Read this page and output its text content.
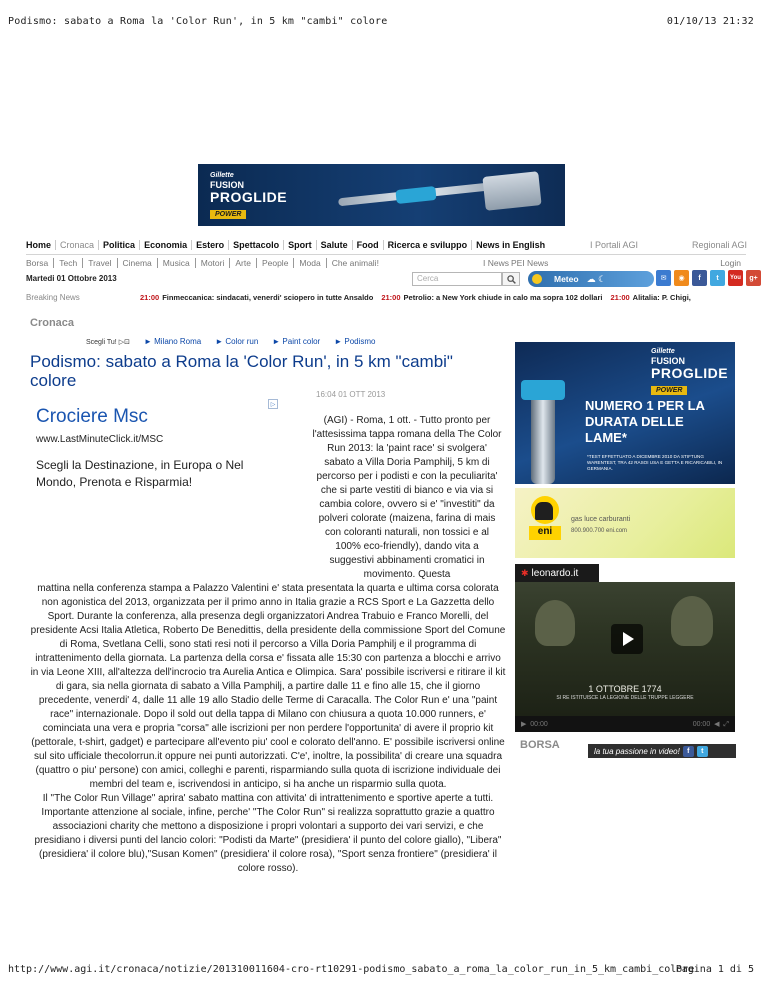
Podismo: sabato a Roma la 'Color Run', in 5 km "cambi" colore	01/10/13 21:32
Gillette
FUSION
PROGLIDE
POWER
Home	Cronaca	Politica	Economia	Estero	Spettacolo	Sport	Salute	Food	Ricerca e sviluppo	News in English	I Portali AGI	Regionali AGI
Borsa	Tech	Travel	Cinema	Musica	Motori	Arte	People	Moda	Che animali!	I News PEI News	Login
Martedi 01 Ottobre 2013	Cerca	Meteo ☁ ☾	✉	◉	f	t	You	g+
Breaking News	21:00 Finmeccanica: sindacati, venerdi' sciopero in tutte Ansaldo 21:00 Petrolio: a New York chiude in calo ma sopra 102 dollari 21:00 Alitalia: P. Chigi,
Cronaca
Scegli Tu! ▷⊡ ► Milano Roma ► Color run ► Paint color ► Podismo
Podismo: sabato a Roma la 'Color Run', in 5 km "cambi" colore
▷
Crociere Msc
www.LastMinuteClick.it/MSC
Scegli la Destinazione, in Europa o Nel Mondo, Prenota e Risparmia!
16:04 01 OTT 2013
(AGI) - Roma, 1 ott. - Tutto pronto per l'attesissima tappa romana della The Color Run 2013: la 'paint race' si svolgera' sabato a Villa Doria Pamphilj, 5 km di percorso per i podisti e con la peculiarita' che si parte vestiti di bianco e via via si cambia colore, ovvero si e' "investiti" da polveri colorate (maizena, farina di mais con coloranti naturali, non tossici e al 100% eco-friendly), dando vita a suggestivi abbinamenti cromatici in movimento. Questa
mattina nella conferenza stampa a Palazzo Valentini e' stata presentata la quarta e ultima corsa colorata non agonistica del 2013, organizzata per il primo anno in Italia grazie a RCS Sport e La Gazzetta dello Sport. Durante la conferenza, alla presenza degli organizzatori Andrea Trabuio e Franco Morelli, del presidente Acsi Italia Atletica, Roberto De Benedittis, della presidente della commissione Sport del Comune di Roma, Svetlana Celli, sono stati resi noti il percorso a Villa Doria Pamphilj e il programma di intrattenimento della giornata. La partenza della corsa e' fissata alle 15:30 con partenza a blocchi e arrivo in via Leone XIII, all'altezza dell'incrocio tra Aurelia Antica e Olimpica. Sara' possibile iscriversi e ritirare il kit di gara, sia nella giornata di sabato a Villa Pamphilj, a partire dalle 11 e fino alle 15, che il giorno precedente, venerdi' 4, dalle 11 alle 19 allo Stadio delle Terme di Caracalla. The Color Run e' una "paint race" internazionale. Dopo il sold out della tappa di Milano con chiusura a quota 10.000 runners, e' cominciata una vera e propria "corsa" alle iscrizioni per non perdere l'opportunita' di avere il proprio kit (pettorale, t-shirt, gadget) e partecipare all'evento piu' cool e colorato dell'anno. E' possibile iscriversi online sul sito ufficiale thecolorrun.it oppure nei punti autorizzati. C'e', inoltre, la possibilita' di creare una squadra (quattro o piu' persone) con amici, colleghi e parenti, risparmiando sulla quota di iscrizione individuale dei membri del team e, iscrivendosi in anticipo, si ha anche un risparmio sulla quota.
Il "The Color Run Village" aprira' sabato mattina con attivita' di intrattenimento e sportive aperte a tutti.
Importante attenzione al sociale, infine, perche' "The Color Run" si realizza soprattutto grazie a quattro associazioni charity che mettono a disposizione i propri volontari a supporto dei vari servizi, e che presidiano i diversi punti del lancio colori: "Podisti da Marte" (presidiera' il punto del colore giallo), "Libera" (presidiera' il colore blu),"Susan Komen" (presidiera' il colore rosa), "Sport senza frontiere" (presidiera' il colore rosso).
Gillette
FUSION
PROGLIDE
POWER
NUMERO 1 PER LA DURATA DELLE LAME*
*TEST EFFETTUATO A DICEMBRE 2010 DA STIFTUNG WARENTEST, TRA 42 RASOI USA E GETTA E RICARICABILI, IN GERMANIA.
eni
gas luce carburanti
800.900.700 eni.com
✱ leonardo.it
1 OTTOBRE 1774
SI RE ISTITUISCE LA LEGIONE DELLE TRUPPE LEGGERE
▶ 00:00	00:00 ◀  ⤢
la tua passione in video!	f	t
BORSA
http://www.agi.it/cronaca/notizie/201310011604-cro-rt10291-podismo_sabato_a_roma_la_color_run_in_5_km_cambi_colore
Pagina 1 di 5
